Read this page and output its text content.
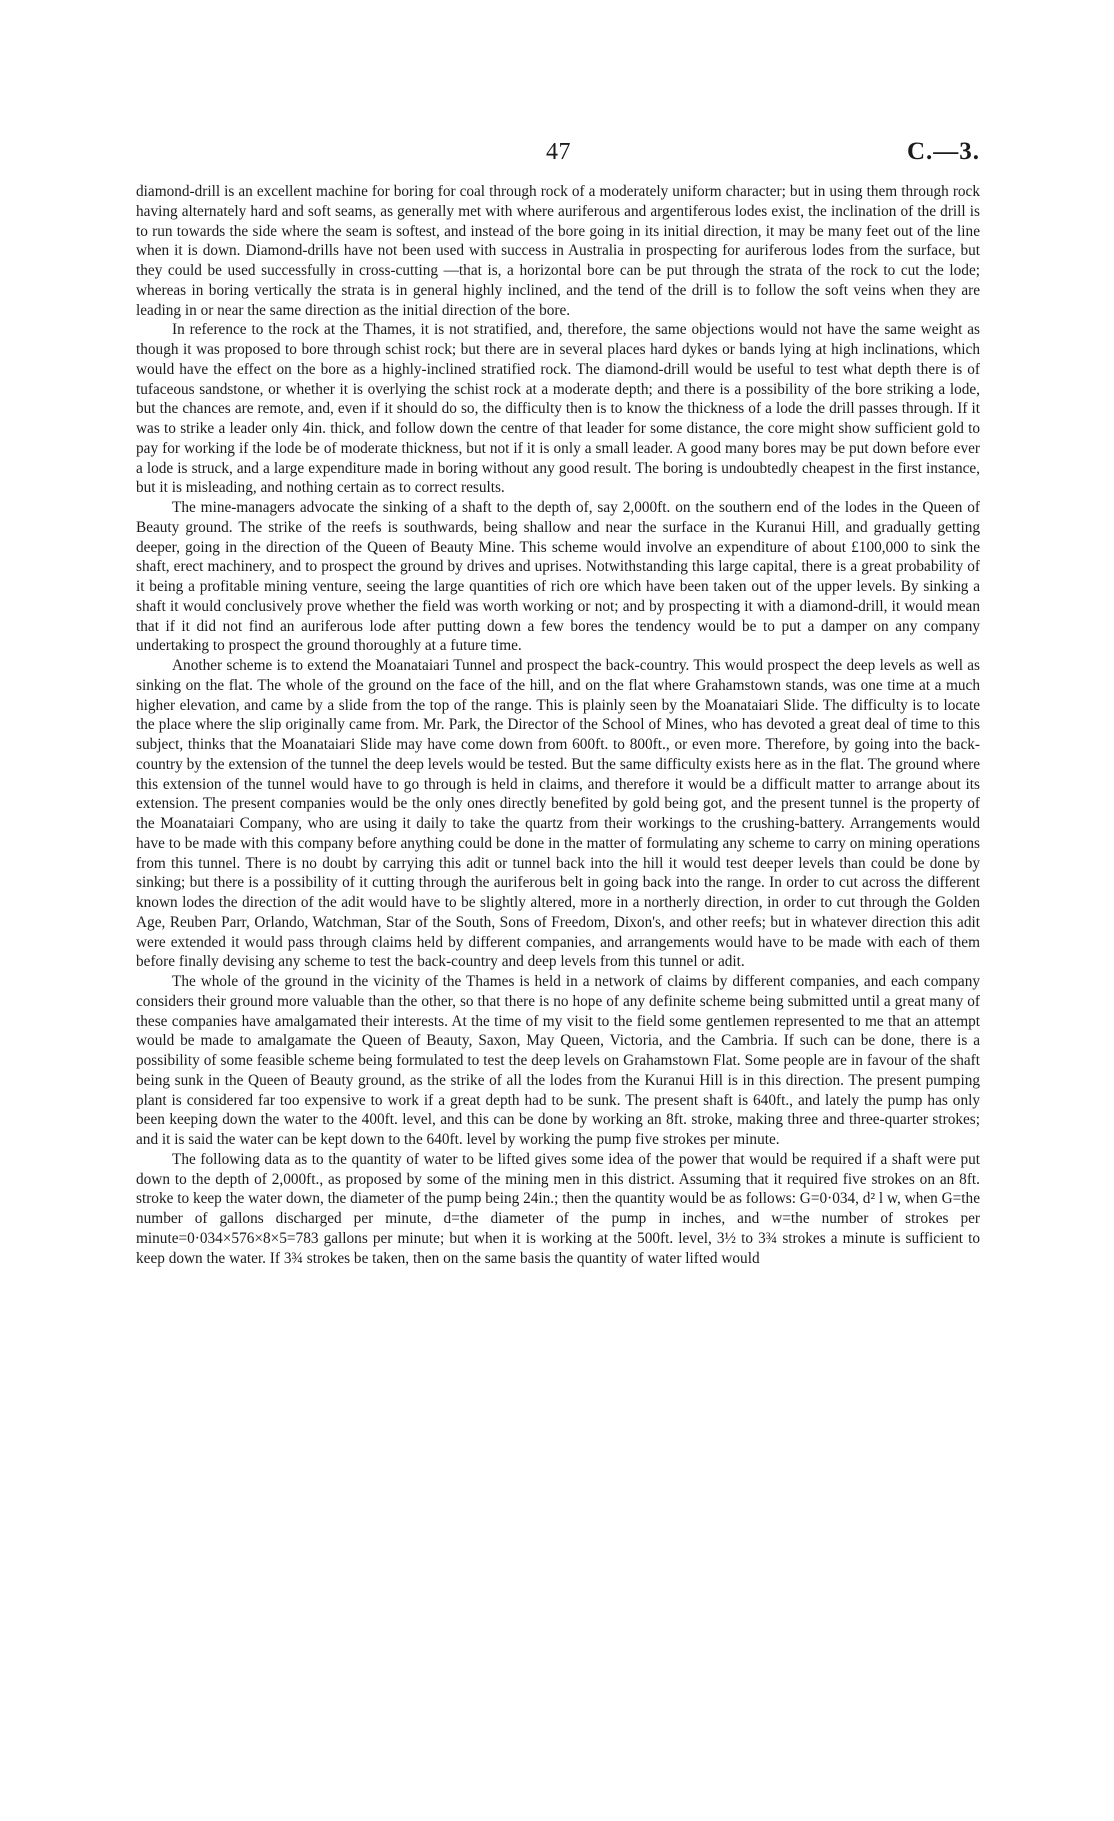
47	C.—3.

diamond-drill is an excellent machine for boring for coal through rock of a moderately uniform character; but in using them through rock having alternately hard and soft seams, as generally met with where auriferous and argentiferous lodes exist, the inclination of the drill is to run towards the side where the seam is softest, and instead of the bore going in its initial direction, it may be many feet out of the line when it is down. Diamond-drills have not been used with success in Australia in prospecting for auriferous lodes from the surface, but they could be used successfully in cross-cutting —that is, a horizontal bore can be put through the strata of the rock to cut the lode; whereas in boring vertically the strata is in general highly inclined, and the tend of the drill is to follow the soft veins when they are leading in or near the same direction as the initial direction of the bore.

In reference to the rock at the Thames, it is not stratified, and, therefore, the same objections would not have the same weight as though it was proposed to bore through schist rock; but there are in several places hard dykes or bands lying at high inclinations, which would have the effect on the bore as a highly-inclined stratified rock. The diamond-drill would be useful to test what depth there is of tufaceous sandstone, or whether it is overlying the schist rock at a moderate depth; and there is a possibility of the bore striking a lode, but the chances are remote, and, even if it should do so, the difficulty then is to know the thickness of a lode the drill passes through. If it was to strike a leader only 4in. thick, and follow down the centre of that leader for some distance, the core might show sufficient gold to pay for working if the lode be of moderate thickness, but not if it is only a small leader. A good many bores may be put down before ever a lode is struck, and a large expenditure made in boring without any good result. The boring is undoubtedly cheapest in the first instance, but it is misleading, and nothing certain as to correct results.

The mine-managers advocate the sinking of a shaft to the depth of, say 2,000ft. on the southern end of the lodes in the Queen of Beauty ground. The strike of the reefs is southwards, being shallow and near the surface in the Kuranui Hill, and gradually getting deeper, going in the direction of the Queen of Beauty Mine. This scheme would involve an expenditure of about £100,000 to sink the shaft, erect machinery, and to prospect the ground by drives and uprises. Notwithstanding this large capital, there is a great probability of it being a profitable mining venture, seeing the large quantities of rich ore which have been taken out of the upper levels. By sinking a shaft it would conclusively prove whether the field was worth working or not; and by prospecting it with a diamond-drill, it would mean that if it did not find an auriferous lode after putting down a few bores the tendency would be to put a damper on any company undertaking to prospect the ground thoroughly at a future time.

Another scheme is to extend the Moanataiari Tunnel and prospect the back-country. This would prospect the deep levels as well as sinking on the flat. The whole of the ground on the face of the hill, and on the flat where Grahamstown stands, was one time at a much higher elevation, and came by a slide from the top of the range. This is plainly seen by the Moanataiari Slide. The difficulty is to locate the place where the slip originally came from. Mr. Park, the Director of the School of Mines, who has devoted a great deal of time to this subject, thinks that the Moanataiari Slide may have come down from 600ft. to 800ft., or even more. Therefore, by going into the back-country by the extension of the tunnel the deep levels would be tested. But the same difficulty exists here as in the flat. The ground where this extension of the tunnel would have to go through is held in claims, and therefore it would be a difficult matter to arrange about its extension. The present companies would be the only ones directly benefited by gold being got, and the present tunnel is the property of the Moanataiari Company, who are using it daily to take the quartz from their workings to the crushing-battery. Arrangements would have to be made with this company before anything could be done in the matter of formulating any scheme to carry on mining operations from this tunnel. There is no doubt by carrying this adit or tunnel back into the hill it would test deeper levels than could be done by sinking; but there is a possibility of it cutting through the auriferous belt in going back into the range. In order to cut across the different known lodes the direction of the adit would have to be slightly altered, more in a northerly direction, in order to cut through the Golden Age, Reuben Parr, Orlando, Watchman, Star of the South, Sons of Freedom, Dixon's, and other reefs; but in whatever direction this adit were extended it would pass through claims held by different companies, and arrangements would have to be made with each of them before finally devising any scheme to test the back-country and deep levels from this tunnel or adit.

The whole of the ground in the vicinity of the Thames is held in a network of claims by different companies, and each company considers their ground more valuable than the other, so that there is no hope of any definite scheme being submitted until a great many of these companies have amalgamated their interests. At the time of my visit to the field some gentlemen represented to me that an attempt would be made to amalgamate the Queen of Beauty, Saxon, May Queen, Victoria, and the Cambria. If such can be done, there is a possibility of some feasible scheme being formulated to test the deep levels on Grahamstown Flat. Some people are in favour of the shaft being sunk in the Queen of Beauty ground, as the strike of all the lodes from the Kuranui Hill is in this direction. The present pumping plant is considered far too expensive to work if a great depth had to be sunk. The present shaft is 640ft., and lately the pump has only been keeping down the water to the 400ft. level, and this can be done by working an 8ft. stroke, making three and three-quarter strokes; and it is said the water can be kept down to the 640ft. level by working the pump five strokes per minute.

The following data as to the quantity of water to be lifted gives some idea of the power that would be required if a shaft were put down to the depth of 2,000ft., as proposed by some of the mining men in this district. Assuming that it required five strokes on an 8ft. stroke to keep the water down, the diameter of the pump being 24in.; then the quantity would be as follows: G=0·034, d² l w, when G=the number of gallons discharged per minute, d=the diameter of the pump in inches, and w=the number of strokes per minute=0·034×576×8×5=783 gallons per minute; but when it is working at the 500ft. level, 3½ to 3¾ strokes a minute is sufficient to keep down the water. If 3¾ strokes be taken, then on the same basis the quantity of water lifted would
